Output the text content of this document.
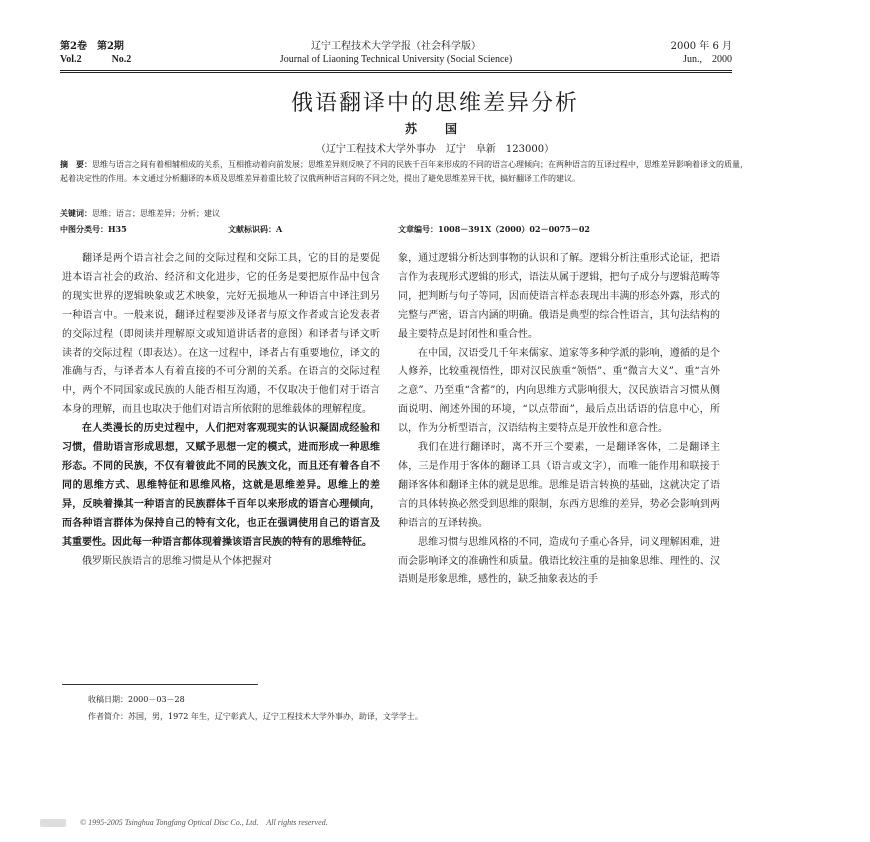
第2卷　第2期
Vol.2　　　No.2
辽宁工程技术大学学报（社会科学版）
Journal of Liaoning Technical University (Social Science)
2000 年 6 月
Jun.,　2000
俄语翻译中的思维差异分析
苏　国
（辽宁工程技术大学外事办　辽宁　阜新　123000）
摘　要：思维与语言之间有着相辅相成的关系，互相推动着向前发展；思维差异则反映了不同的民族千百年来形成的不同的语言心理倾向；在两种语言的互译过程中，思维差异影响着译文的质量，起着决定性的作用。本文通过分析翻译的本质及思维差异着重比较了汉俄两种语言间的不同之处，提出了避免思维差异干扰，搞好翻译工作的建议。
关键词：思维；语言；思维差异；分析；建议
中图分类号：H35	文献标识码：A	文章编号：1008－391X（2000）02－0075－02

翻译是两个语言社会之间的交际过程和交际工具，它的目的是要促进本语言社会的政治、经济和文化进步，它的任务是要把原作品中包含的现实世界的逻辑映象或艺术映象，完好无损地从一种语言中译注到另一种语言中。一般来说，翻译过程要涉及译者与原文作者或言论发表者的交际过程（即阅读并理解原文或知道讲话者的意图）和译者与译文听读者的交际过程（即表达）。在这一过程中，译者占有重要地位，译文的准确与否，与译者本人有着直接的不可分割的关系。在语言的交际过程中，两个不同国家或民族的人能否相互沟通，不仅取决于他们对于语言本身的理解，而且也取决于他们对语言所依附的思维载体的理解程度。

在人类漫长的历史过程中，人们把对客观现实的认识凝固成经验和习惯，借助语言形成思想，又赋予思想一定的模式，进而形成一种思维形态。不同的民族，不仅有着彼此不同的民族文化，而且还有着各自不同的思维方式、思维特征和思维风格，这就是思维差异。思维上的差异，反映着操其一种语言的民族群体千百年以来形成的语言心理倾向，而各种语言群体为保持自己的特有文化，也正在强调使用自己的语言及其重要性。因此每一种语言都体现着操该语言民族的特有的思维特征。

俄罗斯民族语言的思维习惯是从个体把握对

象，通过逻辑分析达到事物的认识和了解。逻辑分析注重形式论证，把语言作为表现形式逻辑的形式，语法从属于逻辑，把句子成分与逻辑范畴等同，把判断与句子等同，因而使语言样态表现出丰满的形态外露，形式的完整与严密，语言内涵的明确。俄语是典型的综合性语言，其句法结构的最主要特点是封闭性和重合性。

在中国，汉语受几千年来儒家、道家等多种学派的影响，遵循的是个人修养，比较重视悟性，即对汉民族重“领悟”、重“微言大义”、重“言外之意”、乃至重“含蓄”的，内向思维方式影响很大，汉民族语言习惯从侧面说明、阐述外围的环境，“以点带面”，最后点出话语的信息中心，所以，作为分析型语言，汉语结构主要特点是开放性和意合性。

我们在进行翻译时，离不开三个要素，一是翻译客体，二是翻译主体，三是作用于客体的翻译工具（语言或文字），而唯一能作用和联接于翻译客体和翻译主体的就是思维。思维是语言转换的基础，这就决定了语言的具体转换必然受到思维的限制，东西方思维的差异，势必会影响到两种语言的互译转换。

思维习惯与思维风格的不同，造成句子重心各异，词义理解困难，进而会影响译文的准确性和质量。俄语比较注重的是抽象思维、理性的、汉语则是形象思维，感性的，缺乏抽象表达的手

收稿日期：2000－03－28
作者简介：苏国，男，1972 年生，辽宁彰武人，辽宁工程技术大学外事办，助译，文学学士。
© 1995-2005 Tsinghua Tongfang Optical Disc Co., Ltd.　All rights reserved.
